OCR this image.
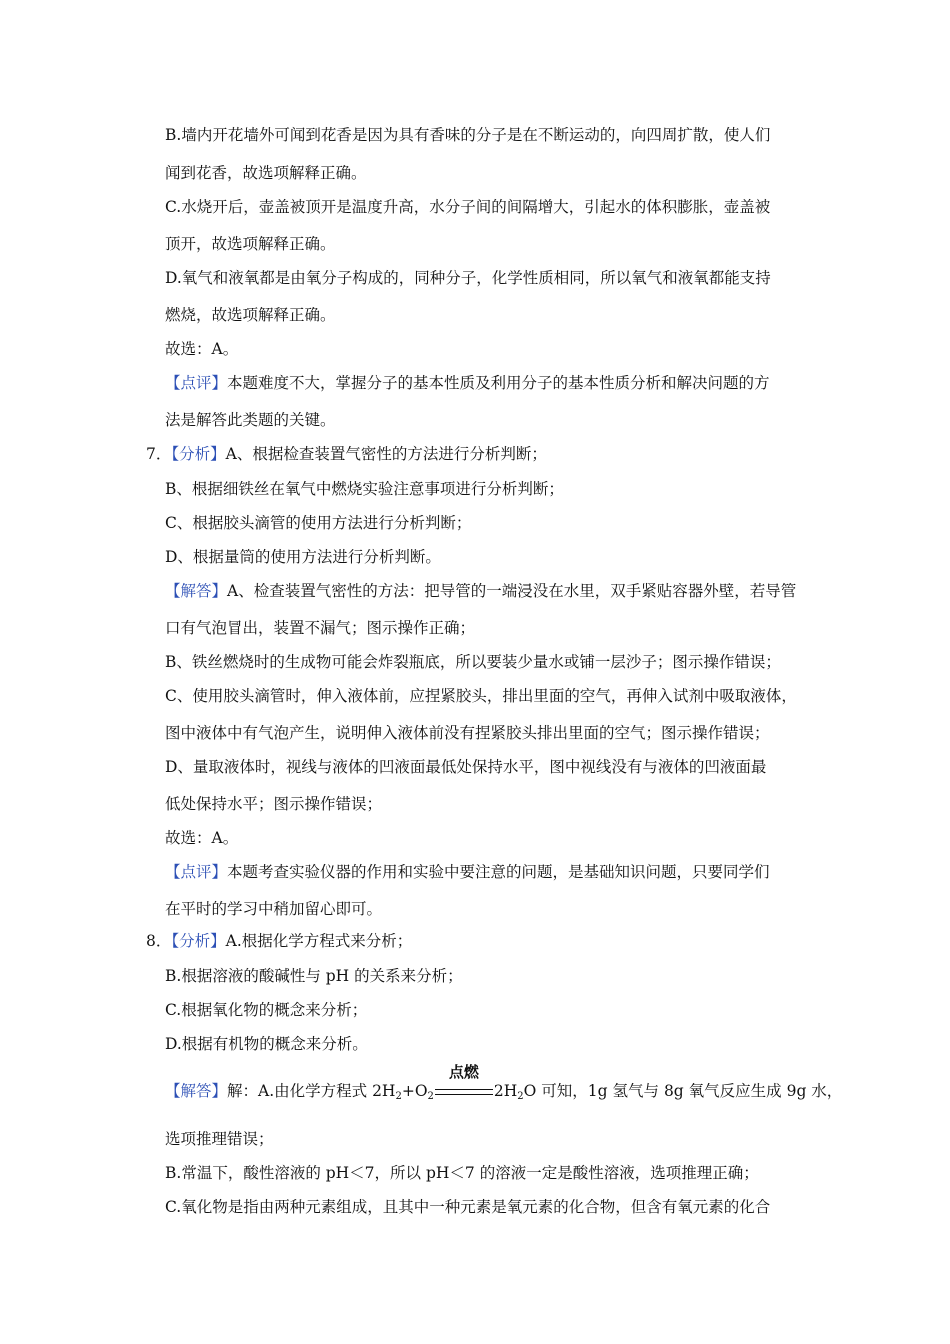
B.墙内开花墙外可闻到花香是因为具有香味的分子是在不断运动的，向四周扩散，使人们
闻到花香，故选项解释正确。
C.水烧开后，壶盖被顶开是温度升高，水分子间的间隔增大，引起水的体积膨胀，壶盖被
顶开，故选项解释正确。
D.氧气和液氧都是由氧分子构成的，同种分子，化学性质相同，所以氧气和液氧都能支持
燃烧，故选项解释正确。
故选：A。
【点评】本题难度不大，掌握分子的基本性质及利用分子的基本性质分析和解决问题的方
法是解答此类题的关键。
7．【分析】A、根据检查装置气密性的方法进行分析判断；
B、根据细铁丝在氧气中燃烧实验注意事项进行分析判断；
C、根据胶头滴管的使用方法进行分析判断；
D、根据量筒的使用方法进行分析判断。
【解答】A、检查装置气密性的方法：把导管的一端浸没在水里，双手紧贴容器外壁，若导管
口有气泡冒出，装置不漏气；图示操作正确；
B、铁丝燃烧时的生成物可能会炸裂瓶底，所以要装少量水或铺一层沙子；图示操作错误；
C、使用胶头滴管时，伸入液体前，应捏紧胶头，排出里面的空气，再伸入试剂中吸取液体，
图中液体中有气泡产生，说明伸入液体前没有捏紧胶头排出里面的空气；图示操作错误；
D、量取液体时，视线与液体的凹液面最低处保持水平，图中视线没有与液体的凹液面最
低处保持水平；图示操作错误；
故选：A。
【点评】本题考查实验仪器的作用和实验中要注意的问题，是基础知识问题，只要同学们
在平时的学习中稍加留心即可。
8．【分析】A.根据化学方程式来分析；
B.根据溶液的酸碱性与 pH 的关系来分析；
C.根据氧化物的概念来分析；
D.根据有机物的概念来分析。
【解答】解：A.由化学方程式 $2H_2+O_2$
点燃
$2H_2O$ 可知，1g 氢气与 8g 氧气反应生成 9g 水，
选项推理错误；
B.常温下，酸性溶液的 pH＜7，所以 pH＜7 的溶液一定是酸性溶液，选项推理正确；
C.氧化物是指由两种元素组成，且其中一种元素是氧元素的化合物，但含有氧元素的化合
